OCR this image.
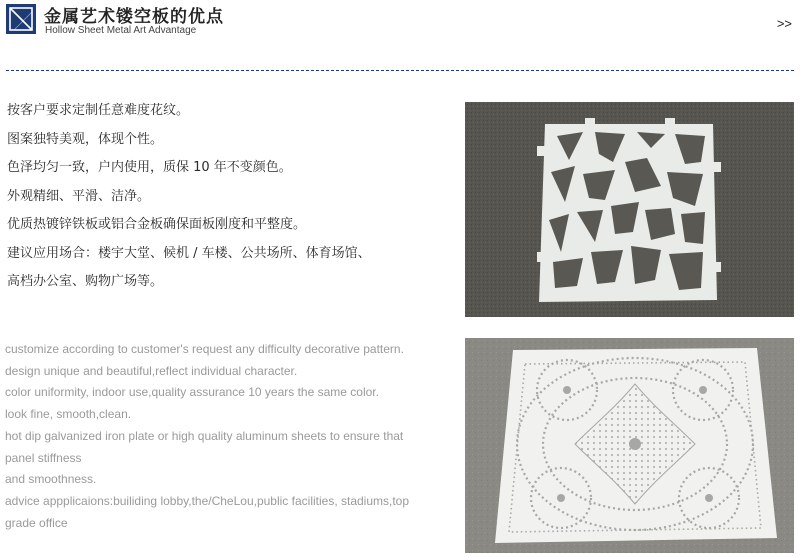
金属艺术镂空板的优点
Hollow Sheet Metal Art Advantage	>>
按客户要求定制任意难度花纹。
图案独特美观，体现个性。
色泽均匀一致，户内使用，质保 10 年不变颜色。
外观精细、平滑、洁净。
优质热镀锌铁板或铝合金板确保面板刚度和平整度。
建议应用场合：楼宇大堂、候机 / 车楼、公共场所、体育场馆、
高档办公室、购物广场等。
customize according to customer's request any difficulty decorative pattern.
design unique and beautiful,reflect individual character.
color uniformity, indoor use,quality assurance 10 years the same color.
look fine, smooth,clean.
hot dip galvanized iron plate or high quality aluminum sheets to ensure that panel stiffness
and smoothness.
advice appplicaions:builiding lobby,the/CheLou,public facilities, stadiums,top grade office
